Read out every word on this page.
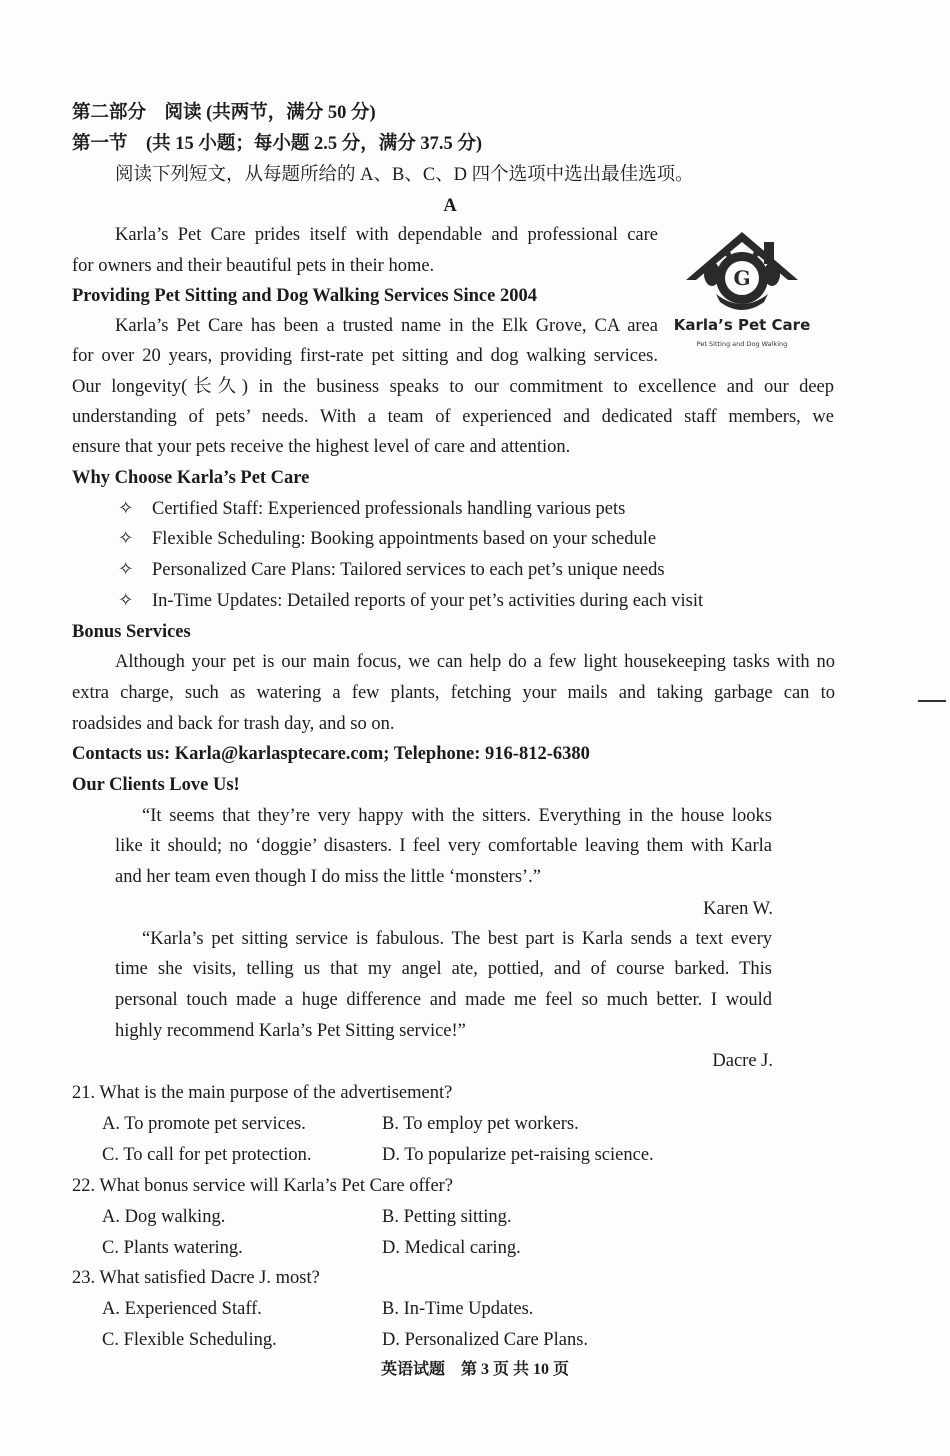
第二部分　阅读 (共两节，满分 50 分)
第一节　(共 15 小题；每小题 2.5 分，满分 37.5 分)
阅读下列短文，从每题所给的 A、B、C、D 四个选项中选出最佳选项。
A
Karla’s Pet Care prides itself with dependable and professional care
for owners and their beautiful pets in their home.	G
Karla’s Pet Care
Pet Sitting and Dog Walking
Providing Pet Sitting and Dog Walking Services Since 2004
Karla’s Pet Care has been a trusted name in the Elk Grove, CA area
for over 20 years, providing first-rate pet sitting and dog walking services.
Our longevity(长久) in the business speaks to our commitment to excellence and our deep
understanding of pets’ needs. With a team of experienced and dedicated staff members, we
ensure that your pets receive the highest level of care and attention.
Why Choose Karla’s Pet Care
✧ Certified Staff: Experienced professionals handling various pets
✧ Flexible Scheduling: Booking appointments based on your schedule
✧ Personalized Care Plans: Tailored services to each pet’s unique needs
✧ In-Time Updates: Detailed reports of your pet’s activities during each visit
Bonus Services
Although your pet is our main focus, we can help do a few light housekeeping tasks with no
extra charge, such as watering a few plants, fetching your mails and taking garbage can to
roadsides and back for trash day, and so on.
Contacts us: Karla@karlasptecare.com; Telephone: 916-812-6380
Our Clients Love Us!
“It seems that they’re very happy with the sitters. Everything in the house looks
like it should; no ‘doggie’ disasters. I feel very comfortable leaving them with Karla
and her team even though I do miss the little ‘monsters’.”
Karen W.
“Karla’s pet sitting service is fabulous. The best part is Karla sends a text every
time she visits, telling us that my angel ate, pottied, and of course barked. This
personal touch made a huge difference and made me feel so much better. I would
highly recommend Karla’s Pet Sitting service!”
Dacre J.
21. What is the main purpose of the advertisement?
A. To promote pet services.	B. To employ pet workers.
C. To call for pet protection.	D. To popularize pet-raising science.
22. What bonus service will Karla’s Pet Care offer?
A. Dog walking.	B. Petting sitting.
C. Plants watering.	D. Medical caring.
23. What satisfied Dacre J. most?
A. Experienced Staff.	B. In-Time Updates.
C. Flexible Scheduling.	D. Personalized Care Plans.
英语试题　第 3 页 共 10 页
